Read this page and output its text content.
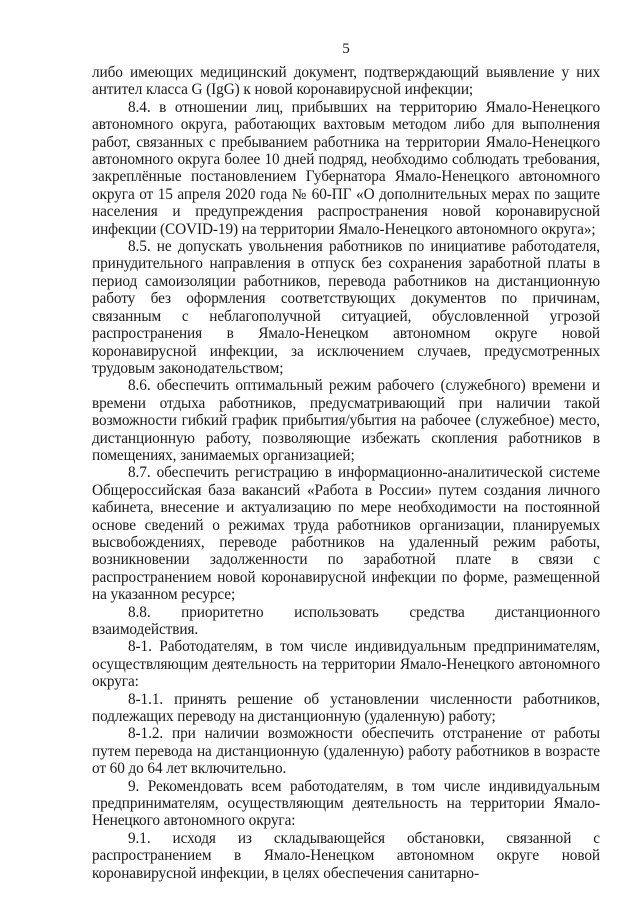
5

либо имеющих медицинский документ, подтверждающий выявление у них антител класса G (IgG) к новой коронавирусной инфекции;

8.4. в отношении лиц, прибывших на территорию Ямало-Ненецкого автономного округа, работающих вахтовым методом либо для выполнения работ, связанных с пребыванием работника на территории Ямало-Ненецкого автономного округа более 10 дней подряд, необходимо соблюдать требования, закреплённые постановлением Губернатора Ямало-Ненецкого автономного округа от 15 апреля 2020 года № 60-ПГ «О дополнительных мерах по защите населения и предупреждения распространения новой коронавирусной инфекции (COVID-19) на территории Ямало-Ненецкого автономного округа»;

8.5. не допускать увольнения работников по инициативе работодателя, принудительного направления в отпуск без сохранения заработной платы в период самоизоляции работников, перевода работников на дистанционную работу без оформления соответствующих документов по причинам, связанным с неблагополучной ситуацией, обусловленной угрозой распространения в Ямало-Ненецком автономном округе новой коронавирусной инфекции, за исключением случаев, предусмотренных трудовым законодательством;

8.6. обеспечить оптимальный режим рабочего (служебного) времени и времени отдыха работников, предусматривающий при наличии такой возможности гибкий график прибытия/убытия на рабочее (служебное) место, дистанционную работу, позволяющие избежать скопления работников в помещениях, занимаемых организацией;

8.7. обеспечить регистрацию в информационно-аналитической системе Общероссийская база вакансий «Работа в России» путем создания личного кабинета, внесение и актуализацию по мере необходимости на постоянной основе сведений о режимах труда работников организации, планируемых высвобождениях, переводе работников на удаленный режим работы, возникновении задолженности по заработной плате в связи с распространением новой коронавирусной инфекции по форме, размещенной на указанном ресурсе;

8.8. приоритетно использовать средства дистанционного взаимодействия.

8-1. Работодателям, в том числе индивидуальным предпринимателям, осуществляющим деятельность на территории Ямало-Ненецкого автономного округа:

8-1.1. принять решение об установлении численности работников, подлежащих переводу на дистанционную (удаленную) работу;

8-1.2. при наличии возможности обеспечить отстранение от работы путем перевода на дистанционную (удаленную) работу работников в возрасте от 60 до 64 лет включительно.

9. Рекомендовать всем работодателям, в том числе индивидуальным предпринимателям, осуществляющим деятельность на территории Ямало-Ненецкого автономного округа:

9.1. исходя из складывающейся обстановки, связанной с распространением в Ямало-Ненецком автономном округе новой коронавирусной инфекции, в целях обеспечения санитарно-
